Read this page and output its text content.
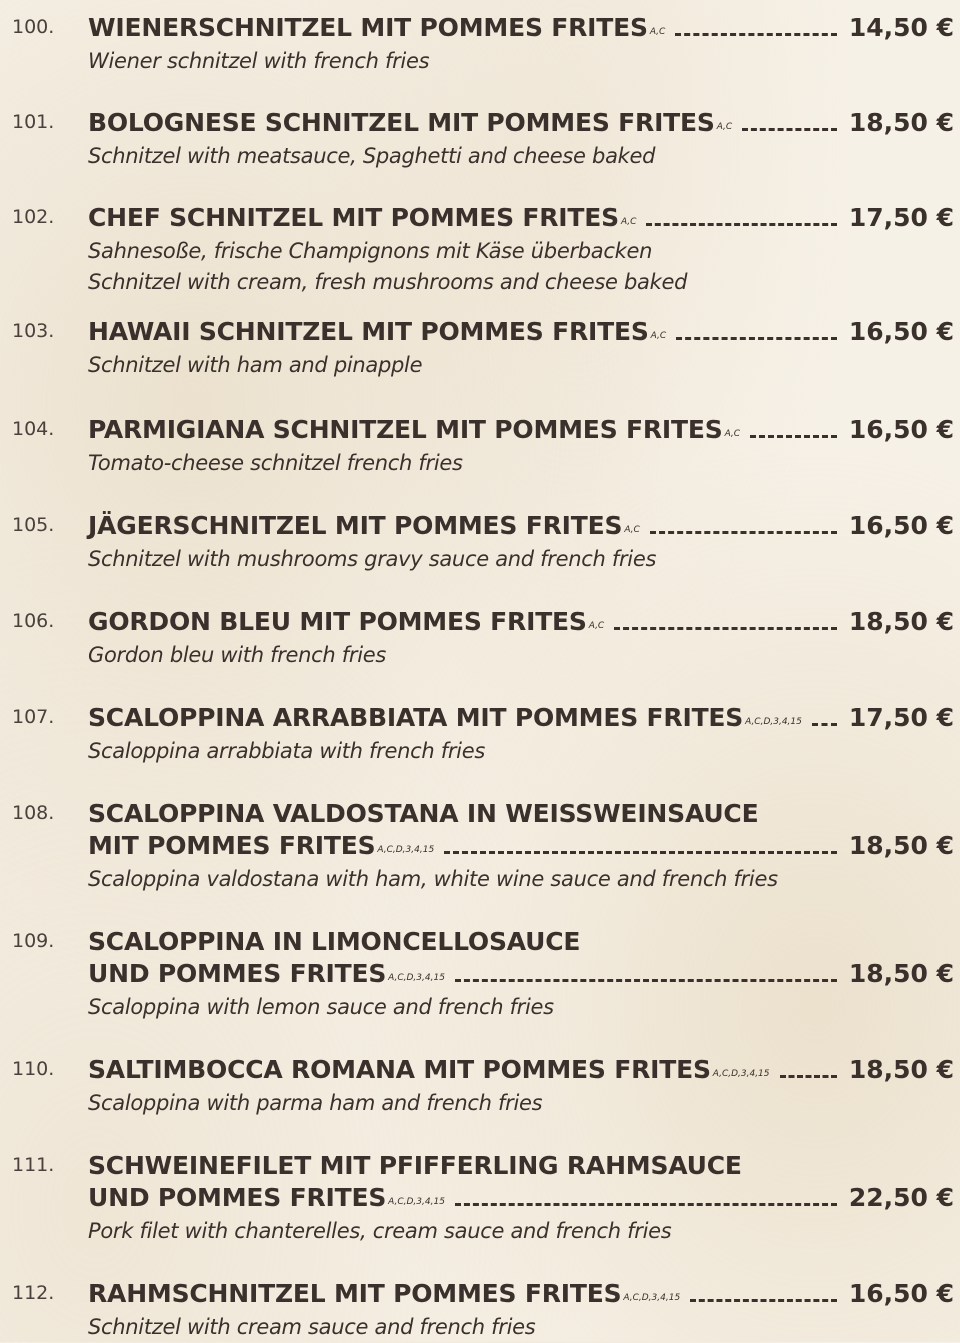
100. WIENERSCHNITZEL MIT POMMES FRITES A,C	14,50 €
Wiener schnitzel with french fries
101. BOLOGNESE SCHNITZEL MIT POMMES FRITES A,C	18,50 €
Schnitzel with meatsauce, Spaghetti and cheese baked
102. CHEF SCHNITZEL MIT POMMES FRITES A,C	17,50 €
Sahnesoße, frische Champignons mit Käse überbacken
Schnitzel with cream, fresh mushrooms and cheese baked
103. HAWAII SCHNITZEL MIT POMMES FRITES A,C	16,50 €
Schnitzel with ham and pinapple
104. PARMIGIANA SCHNITZEL MIT POMMES FRITES A,C	16,50 €
Tomato-cheese schnitzel french fries
105. JÄGERSCHNITZEL MIT POMMES FRITES A,C	16,50 €
Schnitzel with mushrooms gravy sauce and french fries
106. GORDON BLEU MIT POMMES FRITES A,C	18,50 €
Gordon bleu with french fries
107. SCALOPPINA ARRABBIATA MIT POMMES FRITES A,C,D,3,4,15 17,50 €
Scaloppina arrabbiata with french fries
108. SCALOPPINA VALDOSTANA IN WEISSWEINSAUCE
MIT POMMES FRITES A,C,D,3,4,15	18,50 €
Scaloppina valdostana with ham, white wine sauce and french fries
109. SCALOPPINA IN LIMONCELLOSAUCE
UND POMMES FRITES A,C,D,3,4,15	18,50 €
Scaloppina with lemon sauce and french fries
110. SALTIMBOCCA ROMANA MIT POMMES FRITES A,C,D,3,4,15	18,50 €
Scaloppina with parma ham and french fries
111. SCHWEINEFILET MIT PFIFFERLING RAHMSAUCE
UND POMMES FRITES A,C,D,3,4,15	22,50 €
Pork filet with chanterelles, cream sauce and french fries
112. RAHMSCHNITZEL MIT POMMES FRITES A,C,D,3,4,15	16,50 €
Schnitzel with cream sauce and french fries
